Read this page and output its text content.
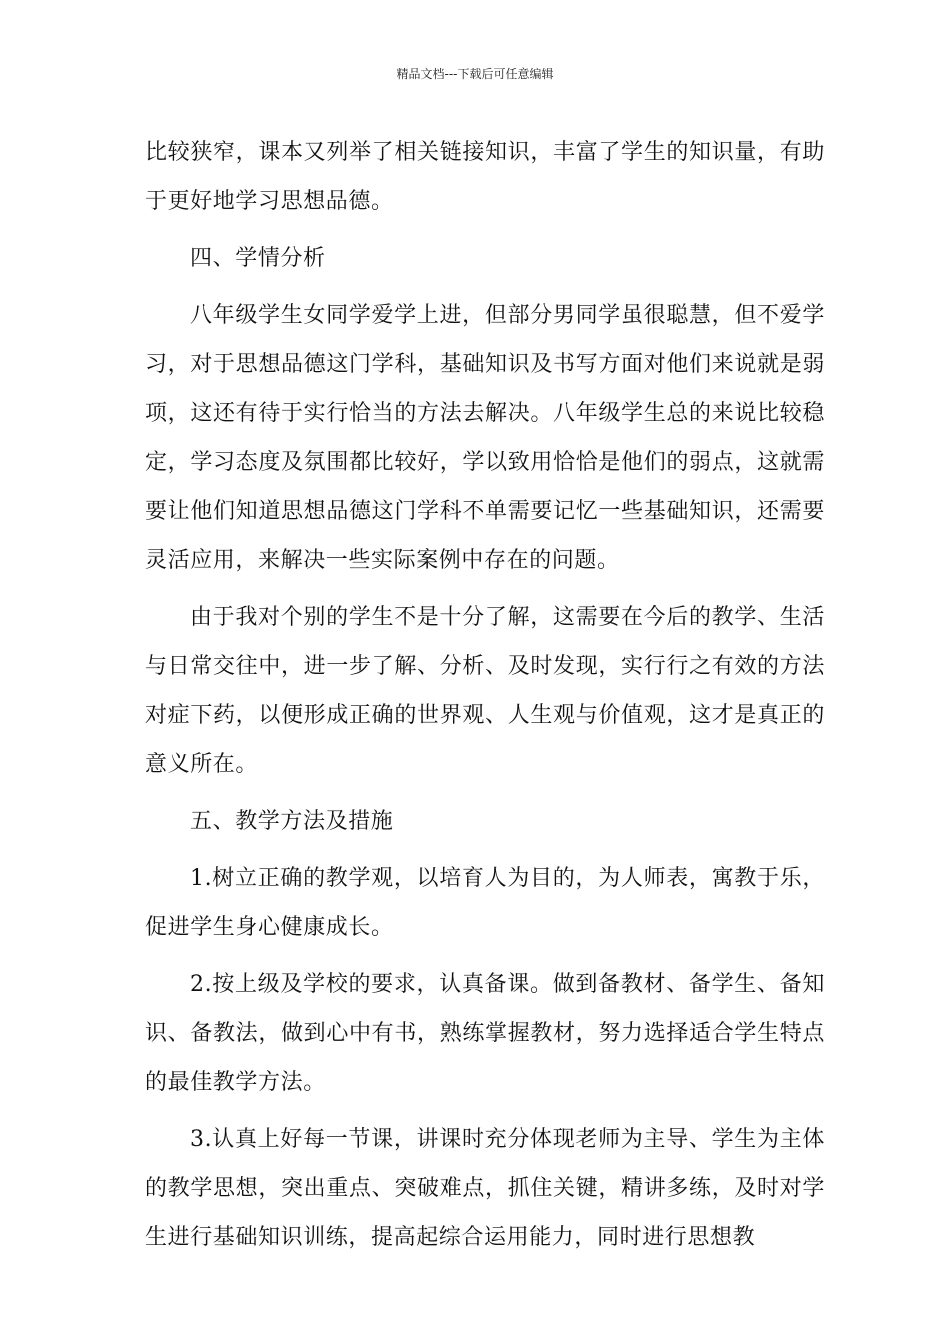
精品文档---下载后可任意编辑

比较狭窄，课本又列举了相关链接知识，丰富了学生的知识量，有助于更好地学习思想品德。

四、学情分析

八年级学生女同学爱学上进，但部分男同学虽很聪慧，但不爱学习，对于思想品德这门学科，基础知识及书写方面对他们来说就是弱项，这还有待于实行恰当的方法去解决。八年级学生总的来说比较稳定，学习态度及氛围都比较好，学以致用恰恰是他们的弱点，这就需要让他们知道思想品德这门学科不单需要记忆一些基础知识，还需要灵活应用，来解决一些实际案例中存在的问题。

由于我对个别的学生不是十分了解，这需要在今后的教学、生活与日常交往中，进一步了解、分析、及时发现，实行行之有效的方法对症下药，以便形成正确的世界观、人生观与价值观，这才是真正的意义所在。

五、教学方法及措施

1.树立正确的教学观，以培育人为目的，为人师表，寓教于乐，促进学生身心健康成长。

2.按上级及学校的要求，认真备课。做到备教材、备学生、备知识、备教法，做到心中有书，熟练掌握教材，努力选择适合学生特点的最佳教学方法。

3.认真上好每一节课，讲课时充分体现老师为主导、学生为主体的教学思想，突出重点、突破难点，抓住关键，精讲多练，及时对学生进行基础知识训练，提高起综合运用能力，同时进行思想教
